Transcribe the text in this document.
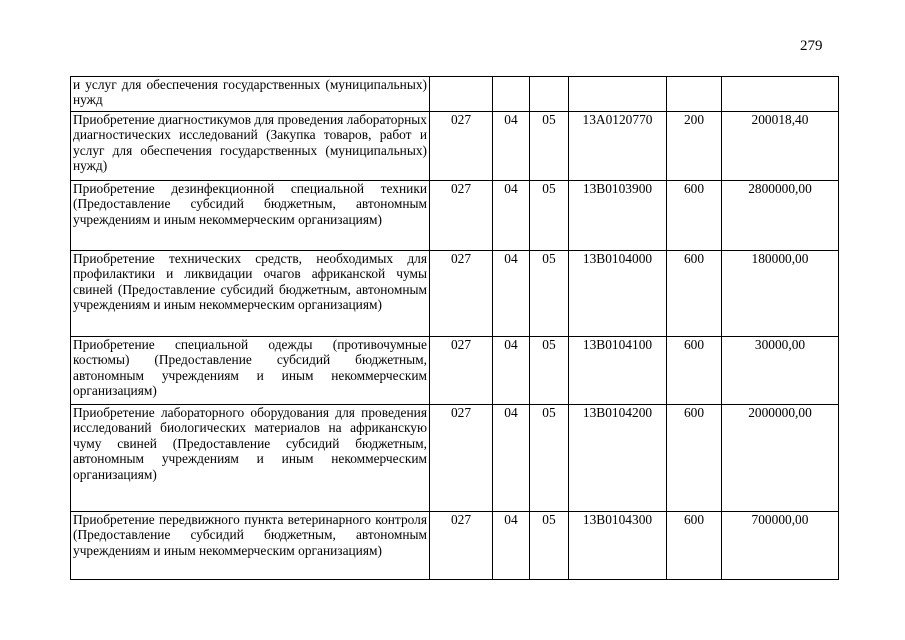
279
и услуг для обеспечения государственных (муниципальных) нужд						
Приобретение диагностикумов для проведения лабораторных диагностических исследований (Закупка товаров, работ и услуг для обеспечения государственных (муниципальных) нужд)	027	04	05	13А0120770	200	200018,40
Приобретение дезинфекционной специальной техники (Предоставление субсидий бюджетным, автономным учреждениям и иным некоммерческим организациям)	027	04	05	13В0103900	600	2800000,00
Приобретение технических средств, необходимых для профилактики и ликвидации очагов африканской чумы свиней (Предоставление субсидий бюджетным, автономным учреждениям и иным некоммерческим организациям)	027	04	05	13В0104000	600	180000,00
Приобретение специальной одежды (противочумные костюмы) (Предоставление субсидий бюджетным, автономным учреждениям и иным некоммерческим организациям)	027	04	05	13В0104100	600	30000,00
Приобретение лабораторного оборудования для проведения исследований биологических материалов на африканскую чуму свиней (Предоставление субсидий бюджетным, автономным учреждениям и иным некоммерческим организациям)	027	04	05	13В0104200	600	2000000,00
Приобретение передвижного пункта ветеринарного контроля (Предоставление субсидий бюджетным, автономным учреждениям и иным некоммерческим организациям)	027	04	05	13В0104300	600	700000,00
